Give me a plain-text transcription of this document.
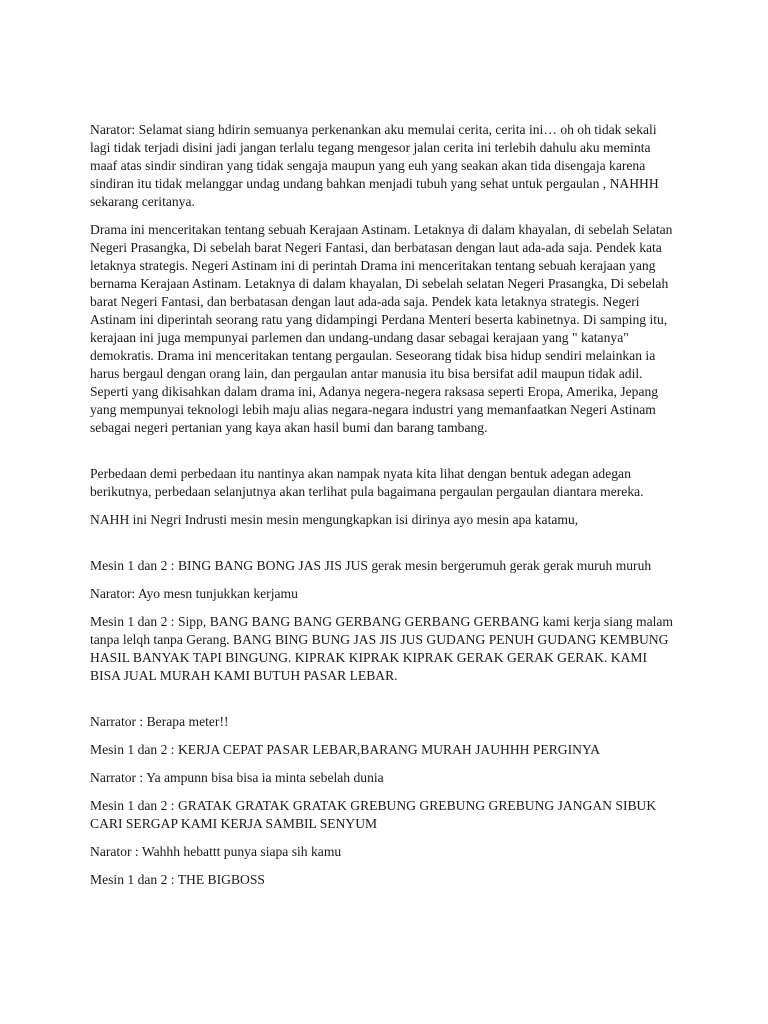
Narator: Selamat siang hdirin semuanya perkenankan aku memulai cerita, cerita ini… oh oh tidak sekali lagi tidak terjadi disini jadi jangan terlalu tegang mengesor jalan cerita ini terlebih dahulu aku meminta maaf atas sindir sindiran yang tidak sengaja maupun yang euh yang seakan akan tida disengaja karena sindiran itu tidak melanggar undag undang bahkan menjadi tubuh yang sehat untuk pergaulan , NAHHH sekarang ceritanya.

Drama ini menceritakan tentang sebuah Kerajaan Astinam. Letaknya di dalam khayalan, di sebelah Selatan Negeri Prasangka, Di sebelah barat Negeri Fantasi, dan berbatasan dengan laut ada-ada saja. Pendek kata letaknya strategis. Negeri Astinam ini di perintah Drama ini menceritakan tentang sebuah kerajaan yang bernama Kerajaan Astinam. Letaknya di dalam khayalan, Di sebelah selatan Negeri Prasangka, Di sebelah barat Negeri Fantasi, dan berbatasan dengan laut ada-ada saja. Pendek kata letaknya strategis. Negeri Astinam ini diperintah seorang ratu yang didampingi Perdana Menteri beserta kabinetnya. Di samping itu, kerajaan ini juga mempunyai parlemen dan undang-undang dasar sebagai kerajaan yang " katanya" demokratis. Drama ini menceritakan tentang pergaulan. Seseorang tidak bisa hidup sendiri melainkan ia harus bergaul dengan orang lain, dan pergaulan antar manusia itu bisa bersifat adil maupun tidak adil. Seperti yang dikisahkan dalam drama ini, Adanya negera-negera raksasa seperti Eropa, Amerika, Jepang yang mempunyai teknologi lebih maju alias negara-negara industri yang memanfaatkan Negeri Astinam sebagai negeri pertanian yang kaya akan hasil bumi dan barang tambang.

Perbedaan demi perbedaan itu nantinya akan nampak nyata kita lihat dengan bentuk adegan adegan berikutnya, perbedaan selanjutnya akan terlihat pula bagaimana pergaulan pergaulan diantara mereka.

NAHH ini Negri Indrusti mesin mesin mengungkapkan isi dirinya ayo mesin apa katamu,

Mesin 1 dan 2 : BING BANG BONG JAS JIS JUS gerak mesin bergerumuh gerak gerak muruh muruh

Narator: Ayo mesn tunjukkan kerjamu

Mesin 1 dan 2 : Sipp, BANG BANG BANG GERBANG GERBANG GERBANG kami kerja siang malam tanpa lelqh tanpa Gerang. BANG BING BUNG JAS JIS JUS GUDANG PENUH GUDANG KEMBUNG HASIL BANYAK TAPI BINGUNG. KIPRAK KIPRAK KIPRAK GERAK GERAK GERAK. KAMI BISA JUAL MURAH KAMI BUTUH PASAR LEBAR.

Narrator : Berapa meter!!

Mesin 1 dan 2 : KERJA CEPAT PASAR LEBAR,BARANG MURAH JAUHHH PERGINYA

Narrator : Ya ampunn bisa bisa ia minta sebelah dunia

Mesin 1 dan 2 : GRATAK GRATAK GRATAK GREBUNG GREBUNG GREBUNG JANGAN SIBUK CARI SERGAP KAMI KERJA SAMBIL SENYUM

Narator : Wahhh hebattt punya siapa sih kamu

Mesin 1 dan 2 : THE BIGBOSS
